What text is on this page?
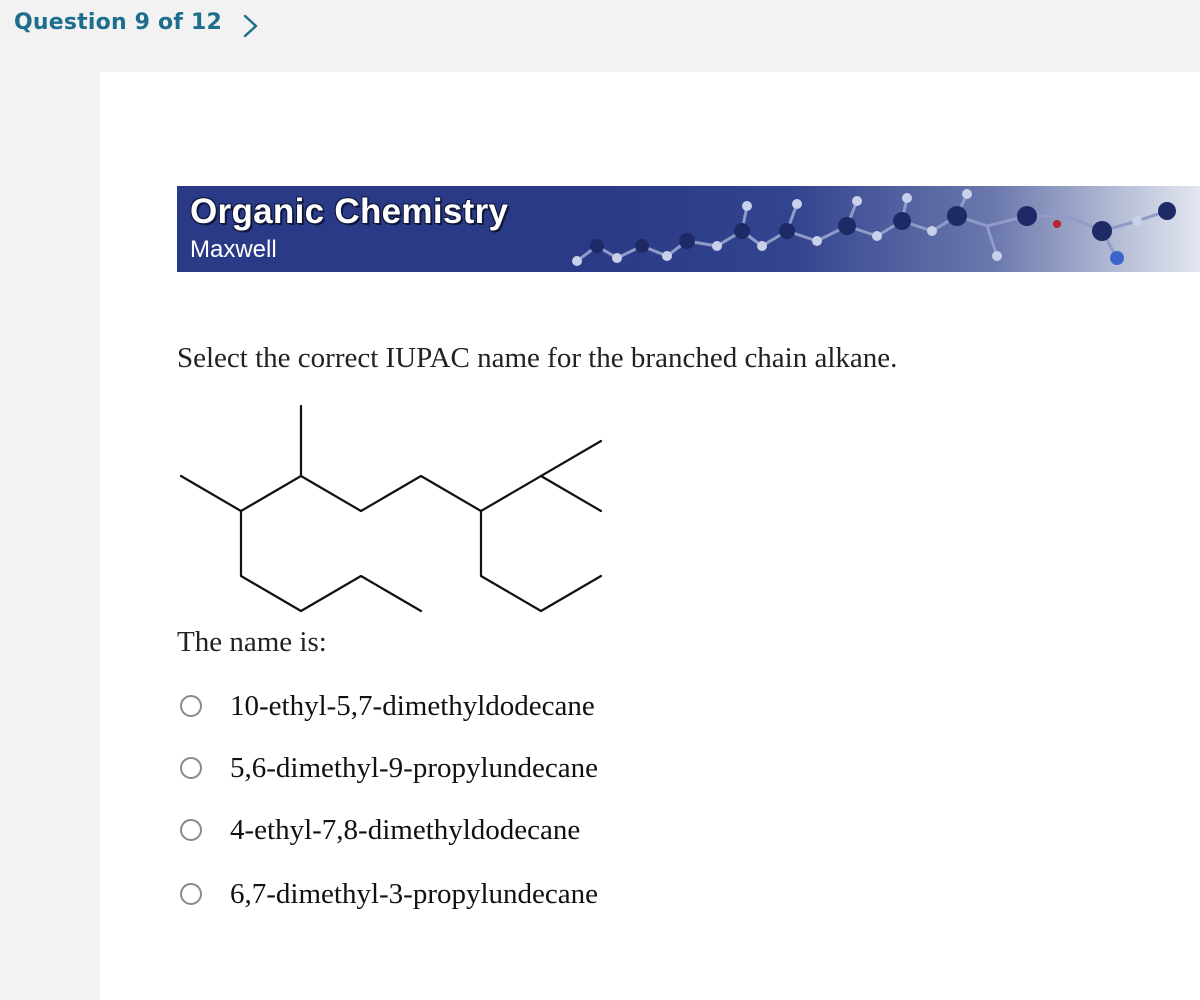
Question 9 of 12
Organic Chemistry
Maxwell
Select the correct IUPAC name for the branched chain alkane.
The name is:
10-ethyl-5,7-dimethyldodecane
5,6-dimethyl-9-propylundecane
4-ethyl-7,8-dimethyldodecane
6,7-dimethyl-3-propylundecane
